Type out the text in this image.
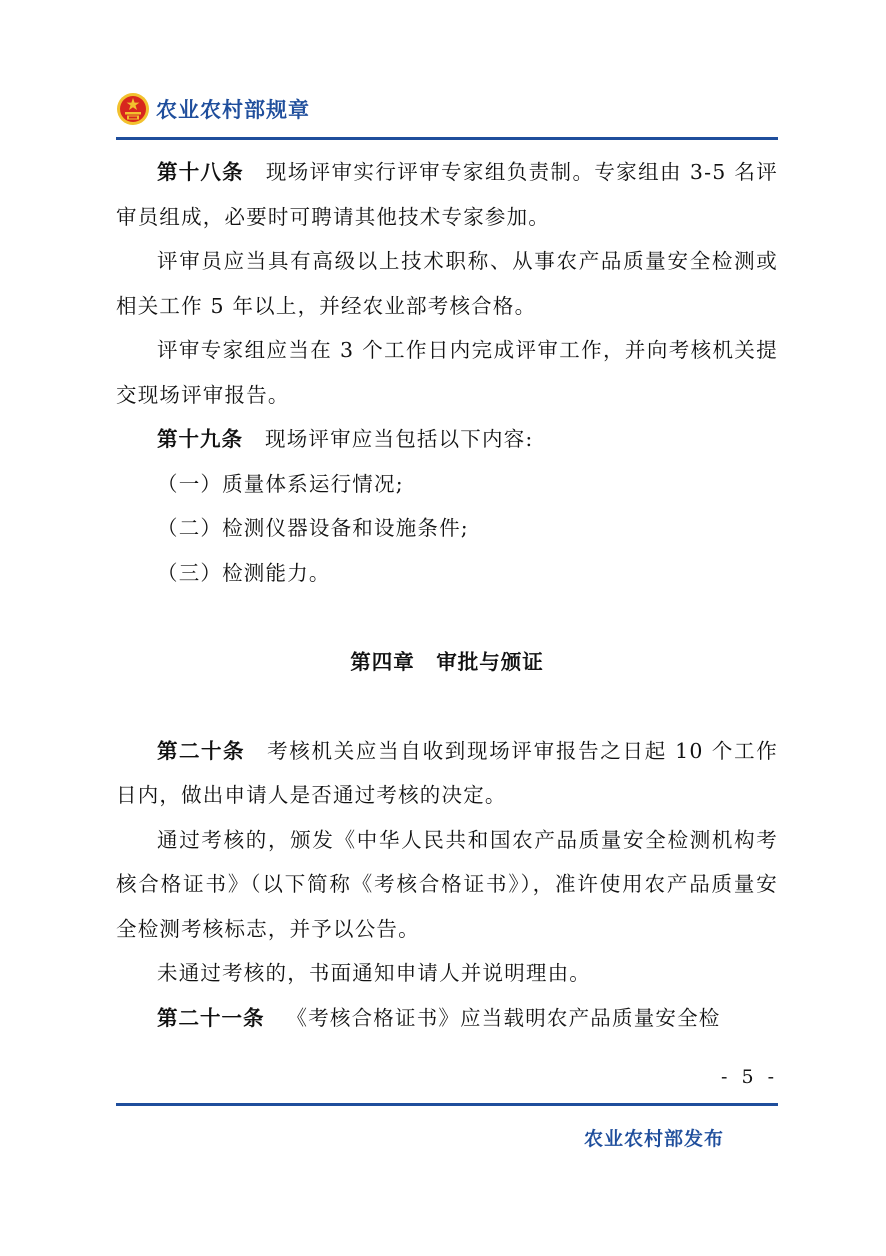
农业农村部规章

第十八条 现场评审实行评审专家组负责制。专家组由 3-5 名评审员组成，必要时可聘请其他技术专家参加。

评审员应当具有高级以上技术职称、从事农产品质量安全检测或相关工作 5 年以上，并经农业部考核合格。

评审专家组应当在 3 个工作日内完成评审工作，并向考核机关提交现场评审报告。

第十九条 现场评审应当包括以下内容:

（一）质量体系运行情况;

（二）检测仪器设备和设施条件;

（三）检测能力。

第四章　审批与颁证

第二十条 考核机关应当自收到现场评审报告之日起 10 个工作日内，做出申请人是否通过考核的决定。

通过考核的，颁发《中华人民共和国农产品质量安全检测机构考核合格证书》（以下简称《考核合格证书》），准许使用农产品质量安全检测考核标志，并予以公告。

未通过考核的，书面通知申请人并说明理由。

第二十一条 《考核合格证书》应当载明农产品质量安全检

- 5 -
农业农村部发布
